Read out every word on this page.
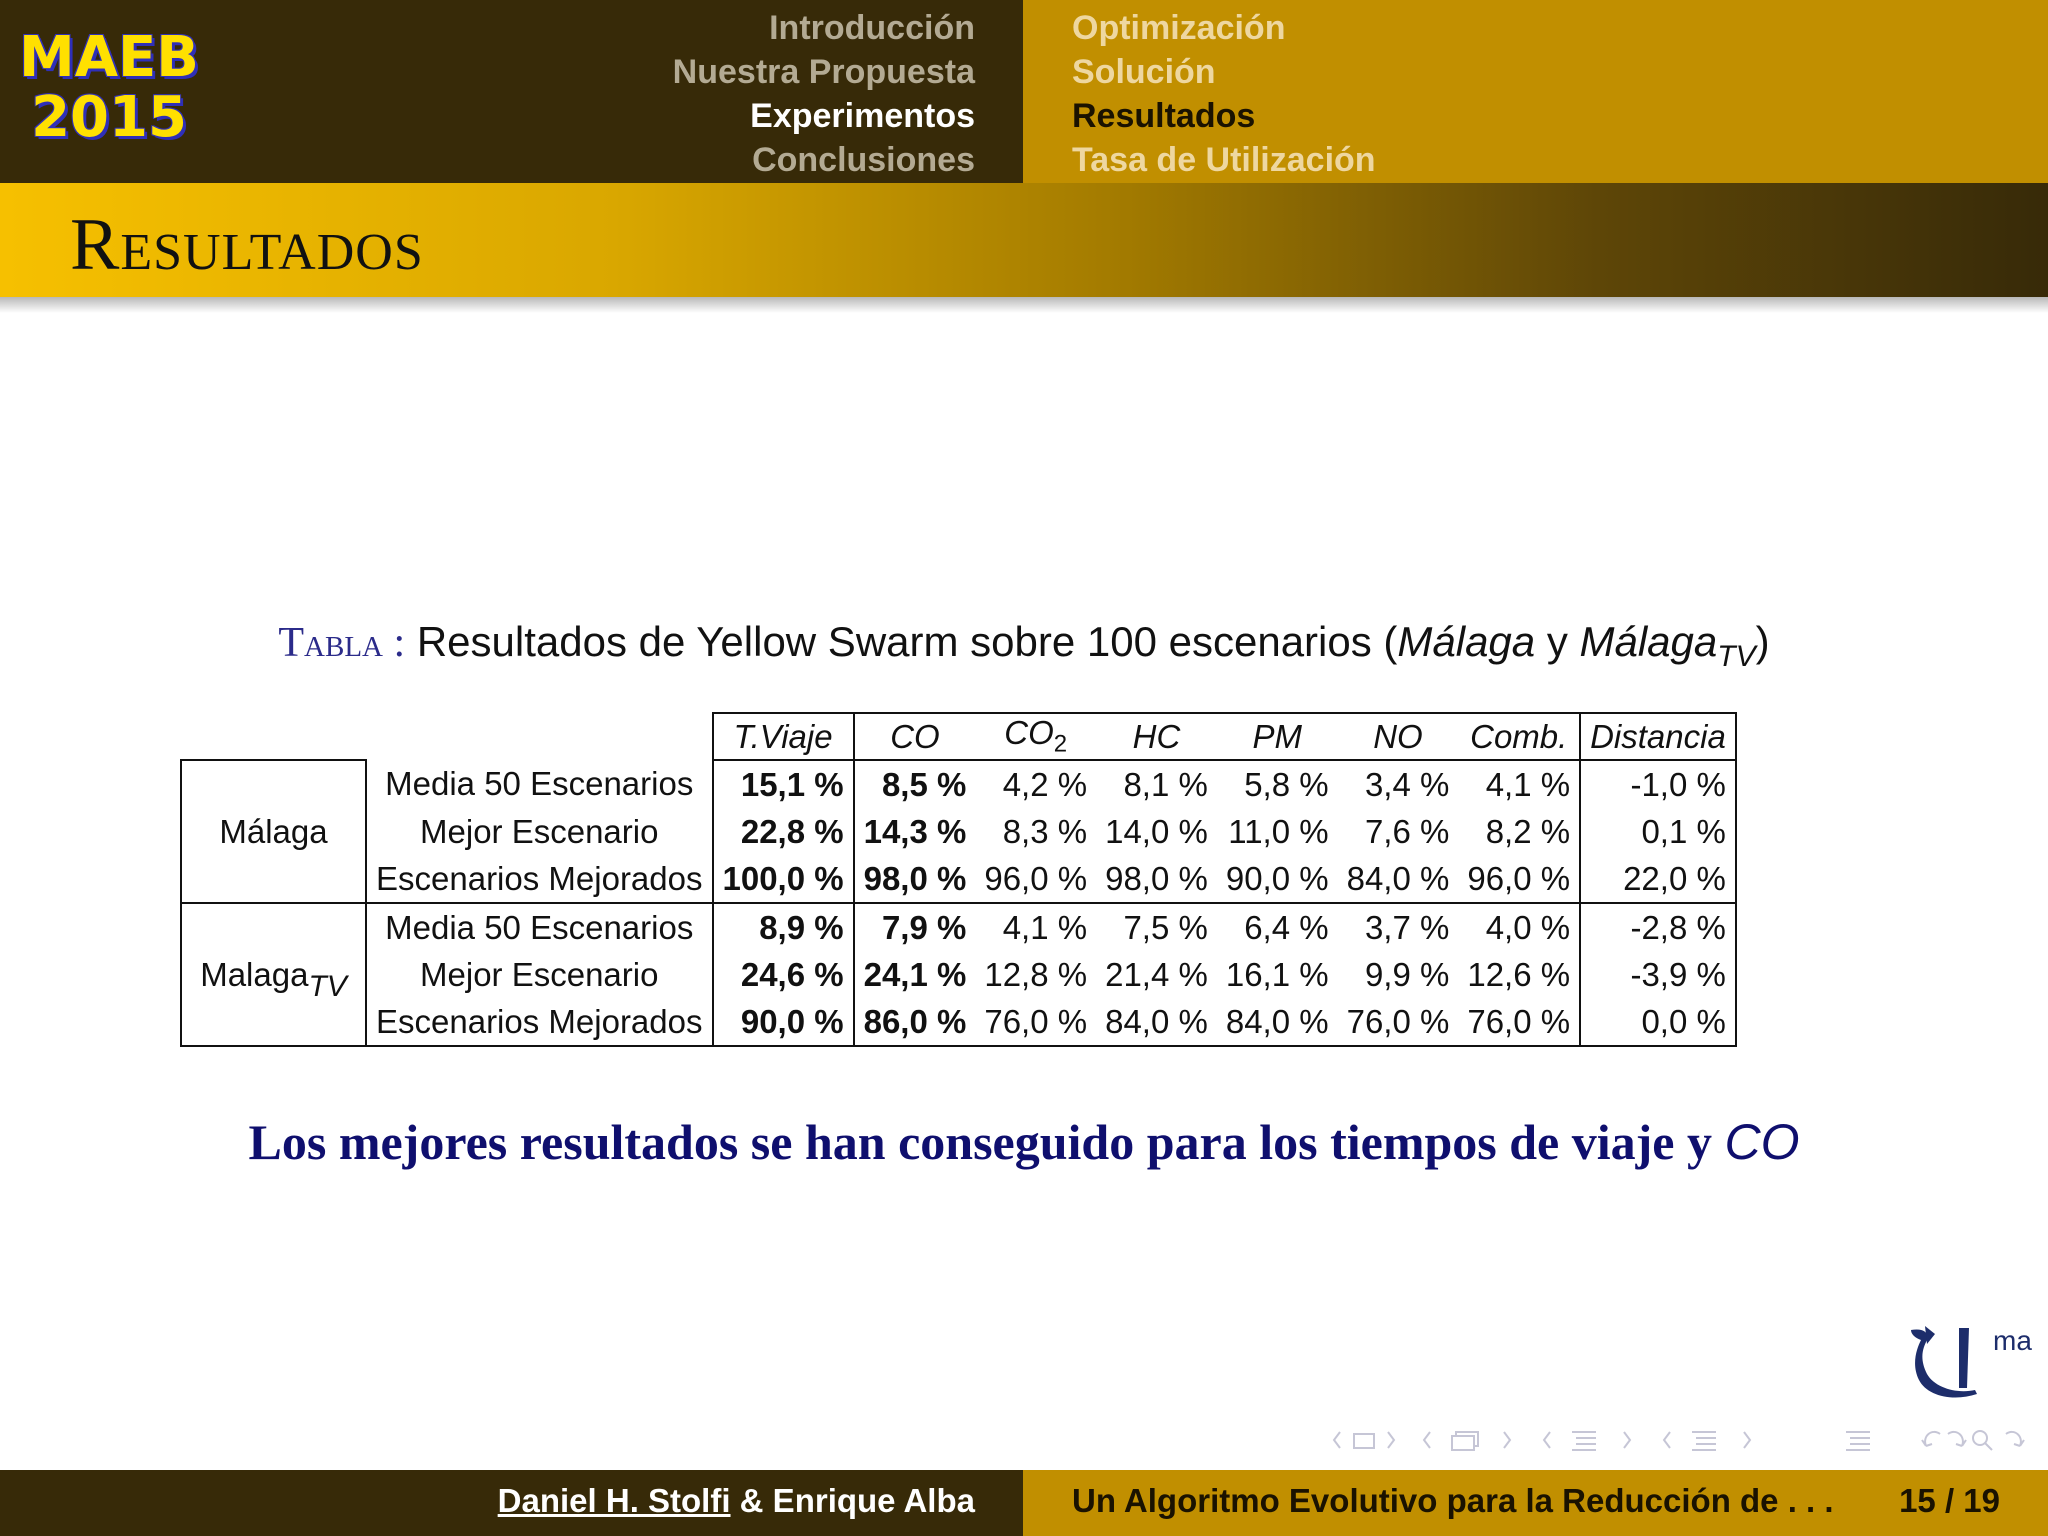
MAEB
2015
Introducción
Nuestra Propuesta
Experimentos
Conclusiones
Optimización
Solución
Resultados
Tasa de Utilización
Resultados
Tabla : Resultados de Yellow Swarm sobre 100 escenarios (Málaga y Málaga$_{TV}$)
		T.Viaje	CO	$CO_2$	HC	PM	NO	Comb.	Distancia
Málaga	Media 50 Escenarios	15,1 %	8,5 %	4,2 %	8,1 %	5,8 %	3,4 %	4,1 %	-1,0 %
	Mejor Escenario	22,8 %	14,3 %	8,3 %	14,0 %	11,0 %	7,6 %	8,2 %	0,1 %
	Escenarios Mejorados	100,0 %	98,0 %	96,0 %	98,0 %	90,0 %	84,0 %	96,0 %	22,0 %
Malaga$_{TV}$	Media 50 Escenarios	8,9 %	7,9 %	4,1 %	7,5 %	6,4 %	3,7 %	4,0 %	-2,8 %
	Mejor Escenario	24,6 %	24,1 %	12,8 %	21,4 %	16,1 %	9,9 %	12,6 %	-3,9 %
	Escenarios Mejorados	90,0 %	86,0 %	76,0 %	84,0 %	84,0 %	76,0 %	76,0 %	0,0 %
Los mejores resultados se han conseguido para los tiempos de viaje y CO
ma
Daniel H. Stolfi & Enrique Alba	Un Algoritmo Evolutivo para la Reducción de . . . 15 / 19
